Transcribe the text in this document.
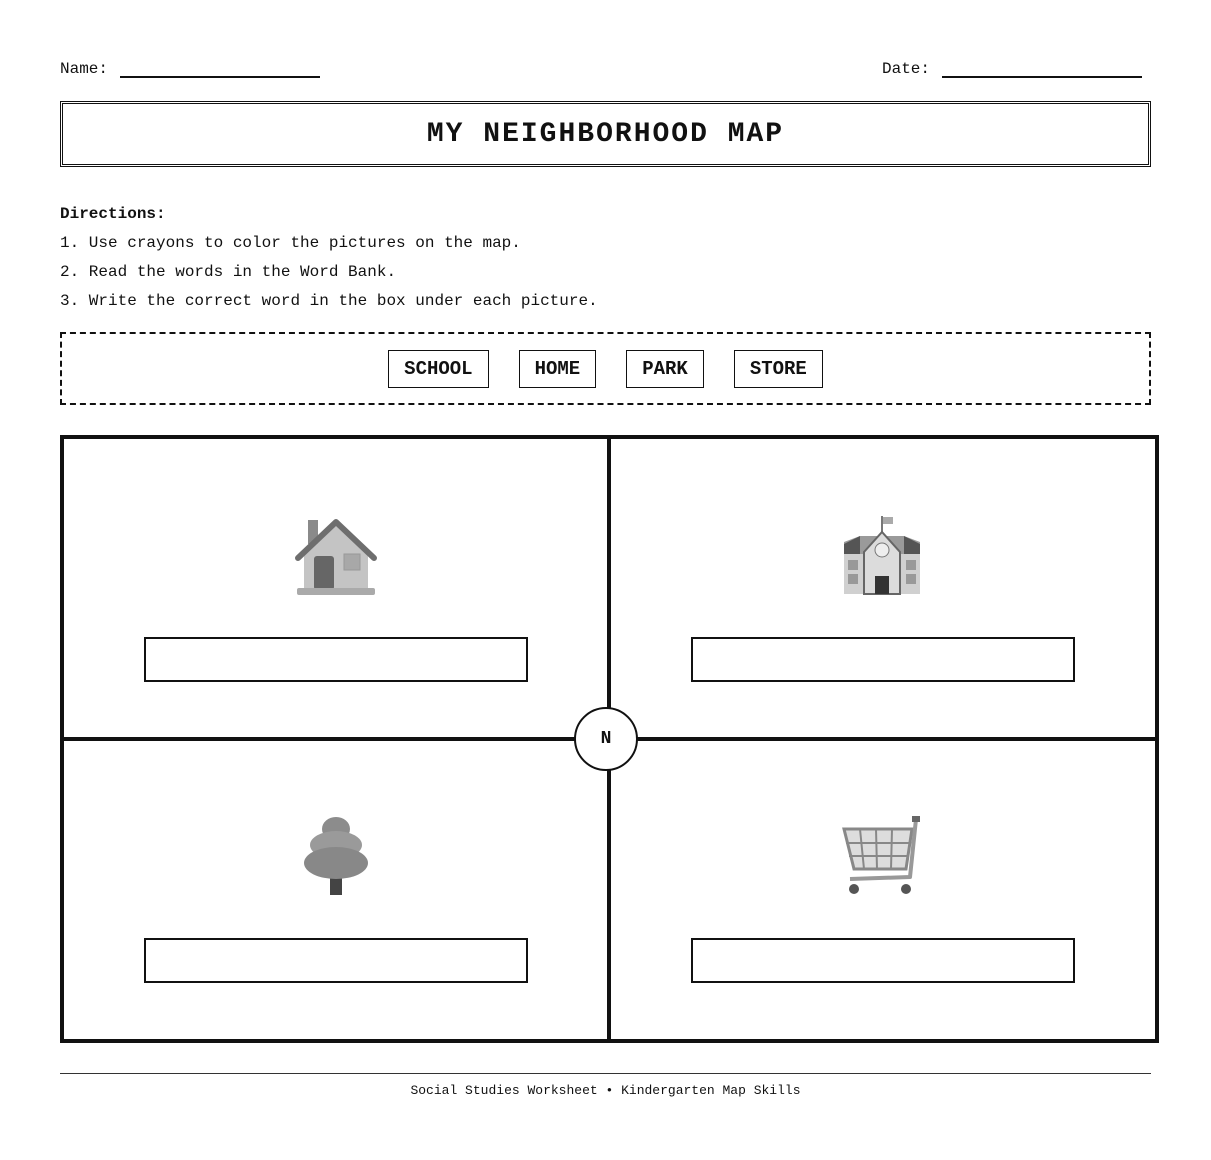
Name:	Date:
MY NEIGHBORHOOD MAP
Directions:
1. Use crayons to color the pictures on the map.
2. Read the words in the Word Bank.
3. Write the correct word in the box under each picture.
SCHOOL	HOME	PARK	STORE
N
Social Studies Worksheet • Kindergarten Map Skills
